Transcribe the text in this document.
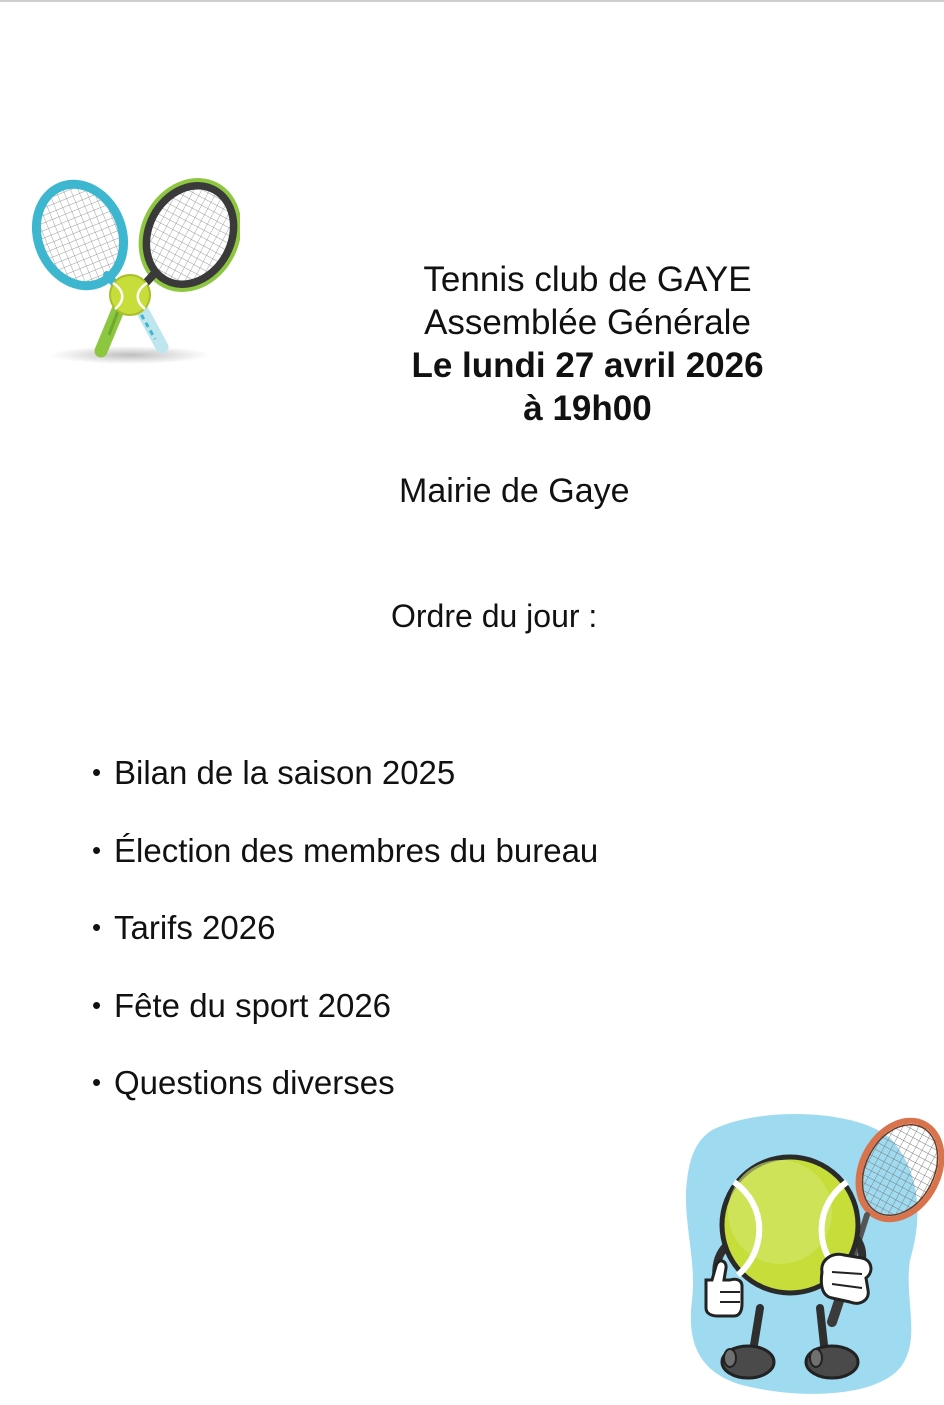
Tennis club de GAYE
Assemblée Générale
Le lundi 27 avril 2026
à 19h00
Mairie de Gaye
Ordre du jour :
• Bilan de la saison 2025
• Élection des membres du bureau
• Tarifs 2026
• Fête du sport 2026
• Questions diverses
